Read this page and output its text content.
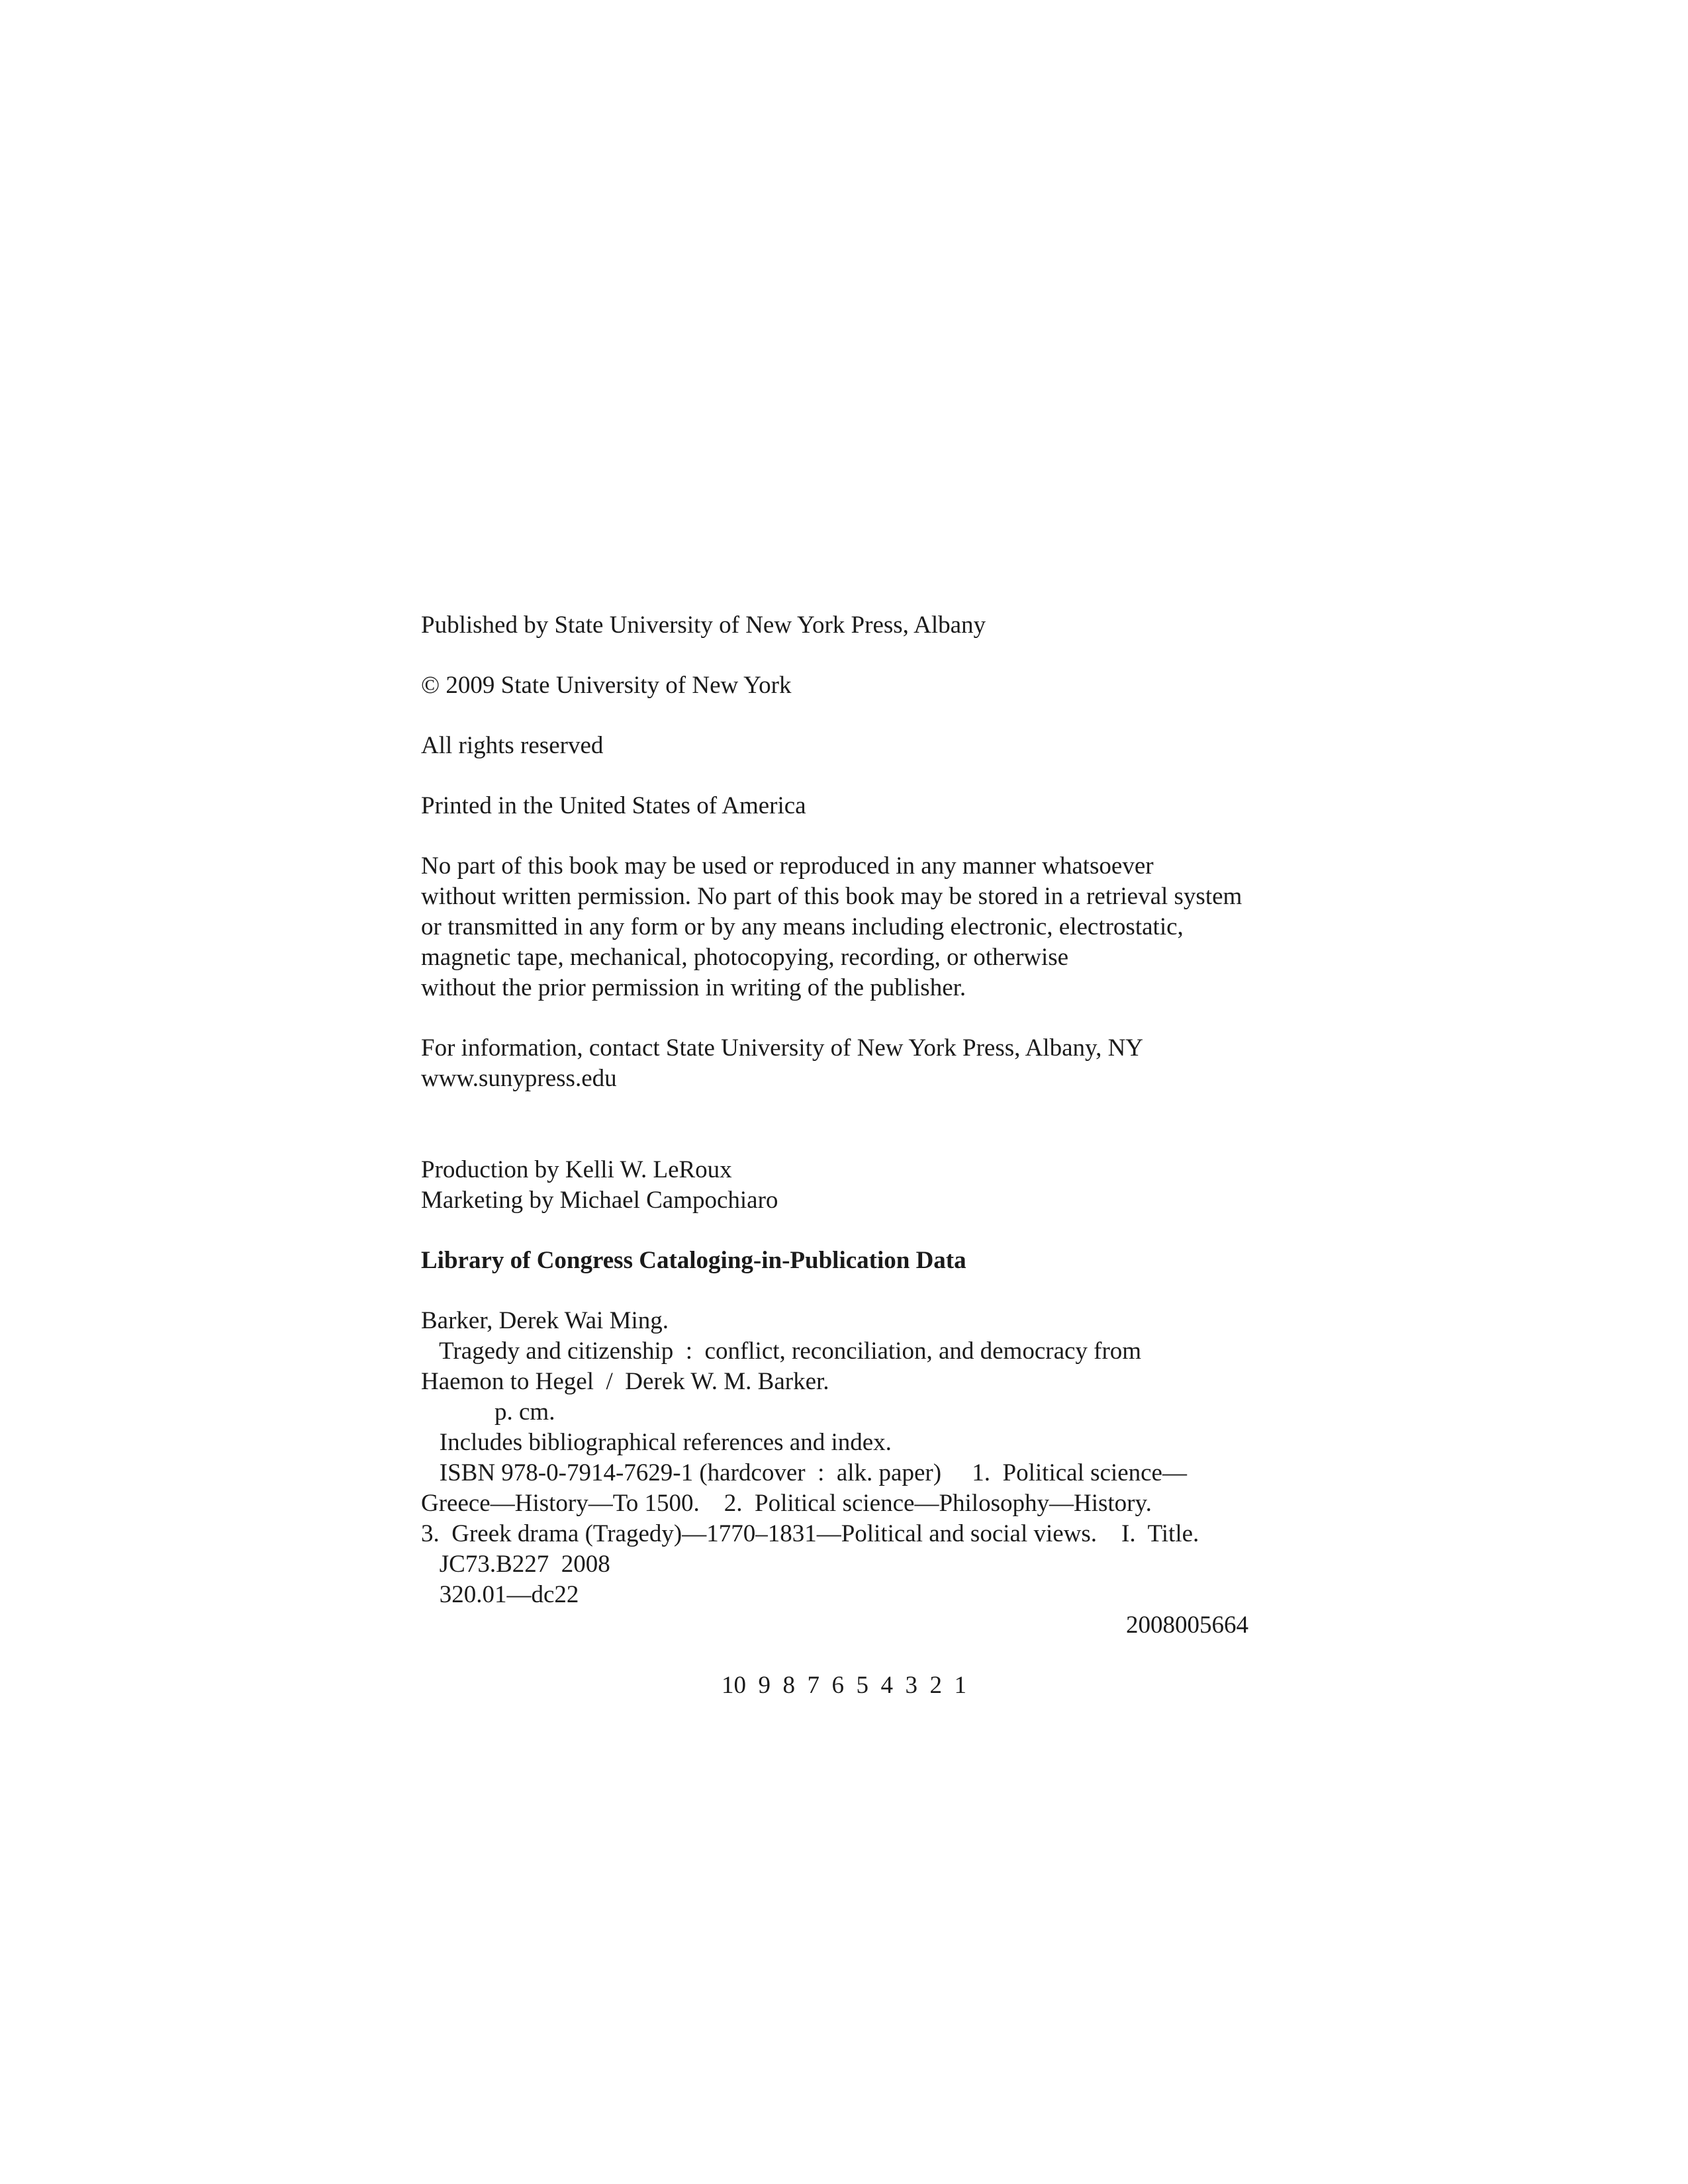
Published by State University of New York Press, Albany
© 2009 State University of New York
All rights reserved
Printed in the United States of America
No part of this book may be used or reproduced in any manner whatsoever
without written permission. No part of this book may be stored in a retrieval system
or transmitted in any form or by any means including electronic, electrostatic,
magnetic tape, mechanical, photocopying, recording, or otherwise
without the prior permission in writing of the publisher.
For information, contact State University of New York Press, Albany, NY
www.sunypress.edu
Production by Kelli W. LeRoux
Marketing by Michael Campochiaro
Library of Congress Cataloging-in-Publication Data
Barker, Derek Wai Ming.
Tragedy and citizenship  :  conflict, reconciliation, and democracy from
Haemon to Hegel  /  Derek W. M. Barker.
p. cm.
Includes bibliographical references and index.
ISBN 978-0-7914-7629-1 (hardcover  :  alk. paper)     1.  Political science—
Greece—History—To 1500.    2.  Political science—Philosophy—History.
3.  Greek drama (Tragedy)—1770–1831—Political and social views.    I.  Title.
JC73.B227  2008
320.01—dc22
2008005664
10  9  8  7  6  5  4  3  2  1
